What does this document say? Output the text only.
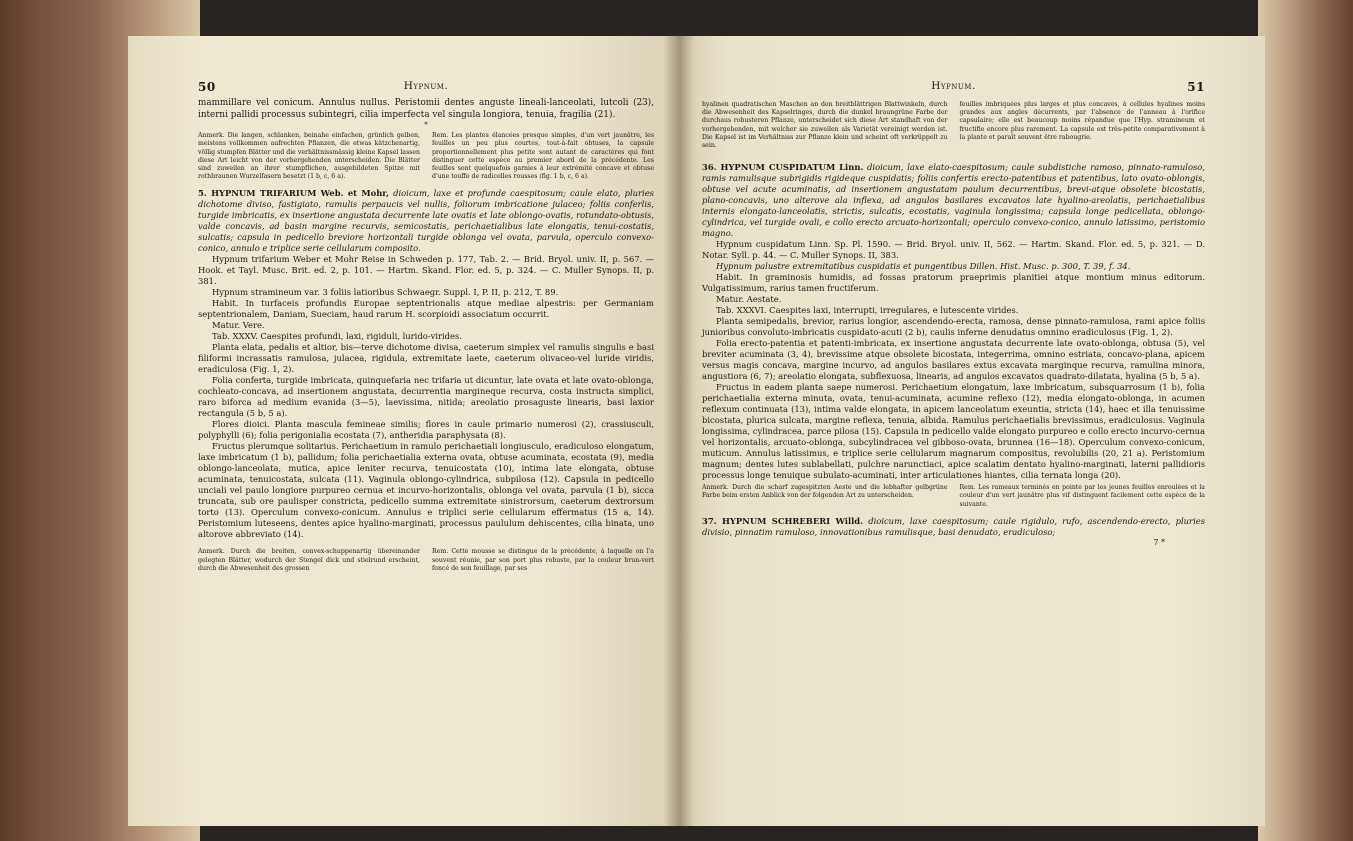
50	Hypnum.

mammillare vel conicum. Annulus nullus. Peristomii dentes anguste lineali-lanceolati, lutcoli (23), interni pallidi processus subintegri, cilia imperfecta vel singula longiora, tenuia, fragilia (21).

*

Anmerk. Die langen, schlanken, beinahe einfachen, grünlich gelben, meistens vollkommen aufrechten Pflanzen, die etwas kätzchenartig, völlig stumpfen Blätter und die verhältnissmässig kleine Kapsel lassen diese Art leicht von der vorhergehenden unterscheiden. Die Blätter sind zuweilen an ihrer stumpflichen, ausgebildeten Spitze mit rothbraunen Wurzelfasern besetzt (1 b, c, 6 a).

Rem. Les plantes élancées presque simples, d'un vert jaunâtre, les feuilles un peu plus courtes, tout-à-fait obtuses, la capsule proportionnellement plus petite sont autant de caractères qui font distinguer cette espèce au premier abord de la précédente. Les feuilles sont quelquefois garnies à leur extrémité concave et obtuse d'une touffe de radicelles rousses (fig. 1 b, c, 6 a).

5. HYPNUM TRIFARIUM Web. et Mohr, dioicum, laxe et profunde caespitosum; caule elato, pluries dichotome diviso, fastigiato, ramulis perpaucis vel nullis, foliorum imbricatione julaceo; foliis conferlis, turgide imbricatis, ex insertione angustata decurrente late ovatis et late oblongo-ovatis, rotundato-obtusis, valde concavis, ad basin margine recurvis, semicostatis, perichaetialibus late elongatis, tenui-costatis, sulcatis; capsula in pedicello breviore horizontali turgide oblonga vel ovata, parvula, operculo convexo-conico, annulo e triplice serie cellularum composito.

Hypnum trifarium Weber et Mohr Reise in Schweden p. 177, Tab. 2. — Brid. Bryol. univ. II, p. 567. — Hook. et Tayl. Musc. Brit. ed. 2, p. 101. — Hartm. Skand. Flor. ed. 5, p. 324. — C. Muller Synops. II, p. 381.

Hypnum stramineum var. 3 foliis latioribus Schwaegr. Suppl. I, P. II, p. 212, T. 89.

Habit. In turfaceis profundis Europae septentrionalis atque mediae alpestris: per Germaniam septentrionalem, Daniam, Sueciam, haud rarum H. scorpioidi associatum occurrit.

Matur. Vere.

Tab. XXXV. Caespites profundi, laxi, rigiduli, lurido-virides.

Planta elata, pedalis et altior, bis—terve dichotome divisa, caeterum simplex vel ramulis singulis e basi filiformi incrassatis ramulosa, julacea, rigidula, extremitate laete, caeterum olivaceo-vel luride viridis, eradiculosa (Fig. 1, 2).

Folia conferta, turgide imbricata, quinquefaria nec trifaria ut dicuntur, late ovata et late ovato-oblonga, cochleato-concava, ad insertionem angustata, decurrentia margineque recurva, costa instructa simplici, raro biforca ad medium evanida (3—5), laevissima, nitida; areolatio prosaguste linearis, basi laxior rectangula (5 b, 5 a).

Flores dioici. Planta mascula femineae similis; flores in caule primario numerosi (2), crassiusculi, polyphylli (6); folia perigonialia ecostata (7), antheridia paraphysata (8).

Fructus plerumque solitarius. Perichaetium in ramulo perichaetiali longiusculo, eradiculoso elongatum, laxe imbricatum (1 b), pallidum; folia perichaetialia externa ovata, obtuse acuminata, ecostata (9), media oblongo-lanceolata, mutica, apice leniter recurva, tenuicostata (10), intima late elongata, obtuse acuminata, tenuicostata, sulcata (11). Vaginula oblongo-cylindrica, subpilosa (12). Capsula in pedicello unciali vel paulo longiore purpureo cernua et incurvo-horizontalis, oblonga vel ovata, parvula (1 b), sicca truncata, sub ore paulisper constricta, pedicello summa extremitate sinistrorsum, caeterum dextrorsum torto (13). Operculum convexo-conicum. Annulus e triplici serie cellularum effermatus (15 a, 14). Peristomium luteseens, dentes apice hyalino-marginati, processus paululum dehiscentes, cilia binata, uno altorove abbreviato (14).

Anmerk. Durch die breiten, convex-schuppenartig übereinander gelegten Blätter, wodurch der Stengel dick und stielrund erscheint, durch die Abwesenheit des grossen

Rem. Cette mousse se distingue de la précédente, à laquelle on l'a souvent réunie, par son port plus robuste, par la couleur brun-vert foncé de son feuillage, par ses

Hypnum.	51

hyalinen quadratischen Maschen an den breitblättrigen Blattwinkeln, durch die Abwesenheit des Kapselringes, durch die dunkel braungrüne Farbe der durchaus robusteren Pflanze, unterscheidet sich diese Art standhaft von der vorhergehenden, mit welcher sie zuweilen als Varietät vereinigt werden ist. Die Kapsel ist im Verhältniss zur Pflanze klein und scheint oft verkrüppelt zu sein.

feuilles imbriquées plus larges et plus concaves, à cellules hyalines moins grandes aux angles décurrents, par l'absence de l'anneau à l'orifice capsulaire; elle est beaucoup moins répandue que l'Hyp. stramineum et fructifie encore plus rarement. La capsule est très-petite comparativement à la plante et paraît souvent être rabougrie.

36. HYPNUM CUSPIDATUM Linn. dioicum, laxe elato-caespitosum; caule subdistiche ramoso, pinnato-ramuloso, ramis ramulisque subrigidis rigideque cuspidatis; foliis confertis erecto-patentibus et patentibus, lato ovato-oblongis, obtuse vel acute acuminatis, ad insertionem angustatam paulum decurrentibus, brevi-atque obsolete bicostatis, plano-concavis, uno alterove ala inflexa, ad angulos basilares excavatos late hyalino-areolatis, perichaetialibus internis elongato-lanceolatis, strictis, sulcatis, ecostatis, vaginula longissima; capsula longe pedicellata, oblongo-cylindrica, vel turgide ovali, e collo erecto arcuato-horizontali; operculo convexo-conico, annulo latissimo, peristomio magno.

Hypnum cuspidatum Linn. Sp. Pl. 1590. — Brid. Bryol. univ. II, 562. — Hartm. Skand. Flor. ed. 5, p. 321. — D. Notar. Syll. p. 44. — C. Muller Synops. II, 383.

Hypnum palustre extremitatibus cuspidatis et pungentibus Dillen. Hist. Musc. p. 300, T. 39, f. 34.

Habit. In graminosis humidis, ad fossas pratorum praeprimis planitiei atque montium minus editorum. Vulgatissimum, rarius tamen fructiferum.

Matur. Aestate.

Tab. XXXVI. Caespites laxi, interrupti, irregulares, e lutescente virides.

Planta semipedalis, brevior, rarius longior, ascendendo-erecta, ramosa, dense pinnato-ramulosa, rami apice foliis junioribus convoluto-imbricatis cuspidato-acuti (2 b), caulis inferne denudatus omnino eradiculosus (Fig. 1, 2).

Folia erecto-patentia et patenti-imbricata, ex insertione angustata decurrente late ovato-oblonga, obtusa (5), vel breviter acuminata (3, 4), brevissime atque obsolete bicostata, integerrima, omnino estriata, concavo-plana, apicem versus magis concava, margine incurvo, ad angulos basilares extus excavata marginque recurva, ramulina minora, angustiora (6, 7); areolatio elongata, subflexuosa, linearis, ad angulos excavatos quadrato-dilatata, hyalina (5 b, 5 a).

Fructus in eadem planta saepe numerosi. Perichaetium elongatum, laxe imbricatum, subsquarrosum (1 b), folia perichaetialia externa minuta, ovata, tenui-acuminata, acumine reflexo (12), media elongato-oblonga, in acumen reflexum continuata (13), intima valde elongata, in apicem lanceolatum exeuntia, stricta (14), haec et illa tenuissime bicostata, plurica sulcata, margine reflexa, tenuia, albida. Ramulus perichaetialis brevissimus, eradiculosus. Vaginula longissima, cylindracea, parce pilosa (15). Capsula in pedicello valde elongato purpureo e collo erecto incurvo-cernua vel horizontalis, arcuato-oblonga, subcylindracea vel gibboso-ovata, brunnea (16—18). Operculum convexo-conicum, muticum. Annulus latissimus, e triplice serie cellularum magnarum compositus, revolubilis (20, 21 a). Peristomium magnum; dentes lutes sublabellati, pulchre narunctiaci, apice scalatim dentato hyalino-marginati, laterni pallidioris processus longe tenuique subulato-acuminati, inter articulationes hiantes, cilia ternata longa (20).

Anmerk. Durch die scharf zugespitzten Aeste und die lebhafter gelbgrüne Farbe beim ersten Anblick von der folgenden Art zu unterscheiden.

Rem. Les rameaux terminés en pointe par les jeunes feuilles enroulées et la couleur d'un vert jaunâtre plus vif distinguent facilement cette espèce de la suivante.

37. HYPNUM SCHREBERI Willd. dioicum, laxe caespitosum; caule rigidulo, rufo, ascendendo-erecto, pluries divisio, pinnatim ramuloso, innovationibus ramulisque, basi denudato, eradiculoso;

7 *
